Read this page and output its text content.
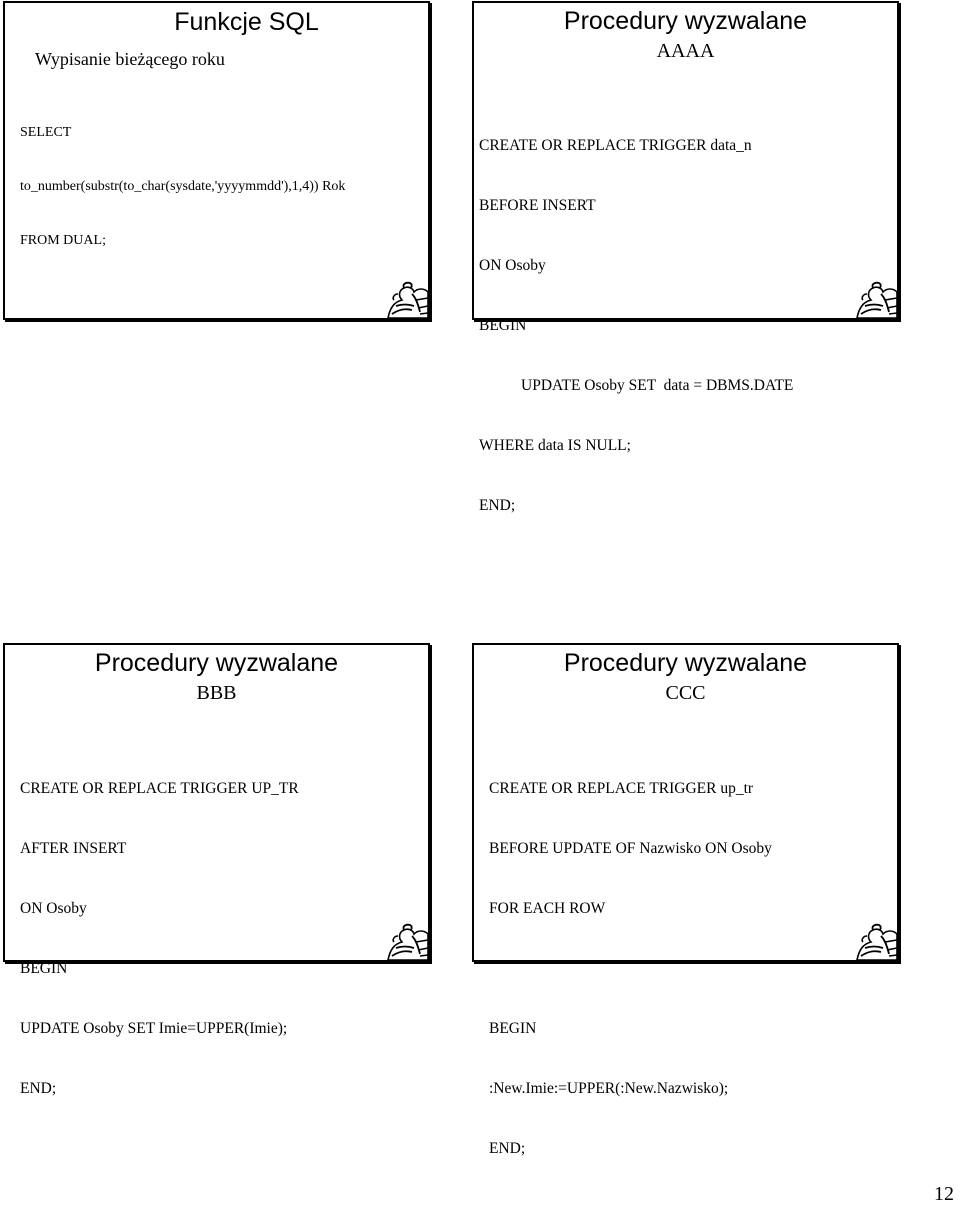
Funkcje SQL
Wypisanie bieżącego roku

SELECT

to_number(substr(to_char(sysdate,'yyyymmdd'),1,4)) Rok

FROM DUAL;

Procedury wyzwalane
AAAA

CREATE OR REPLACE TRIGGER data_n

BEFORE INSERT

ON Osoby

BEGIN

UPDATE Osoby SET  data = DBMS.DATE

WHERE data IS NULL;

END;

Procedury wyzwalane
BBB

CREATE OR REPLACE TRIGGER UP_TR

AFTER INSERT

ON Osoby

BEGIN

UPDATE Osoby SET Imie=UPPER(Imie);

END;

Procedury wyzwalane
CCC

CREATE OR REPLACE TRIGGER up_tr

BEFORE UPDATE OF Nazwisko ON Osoby

FOR EACH ROW

BEGIN

:New.Imie:=UPPER(:New.Nazwisko);

END;

12
